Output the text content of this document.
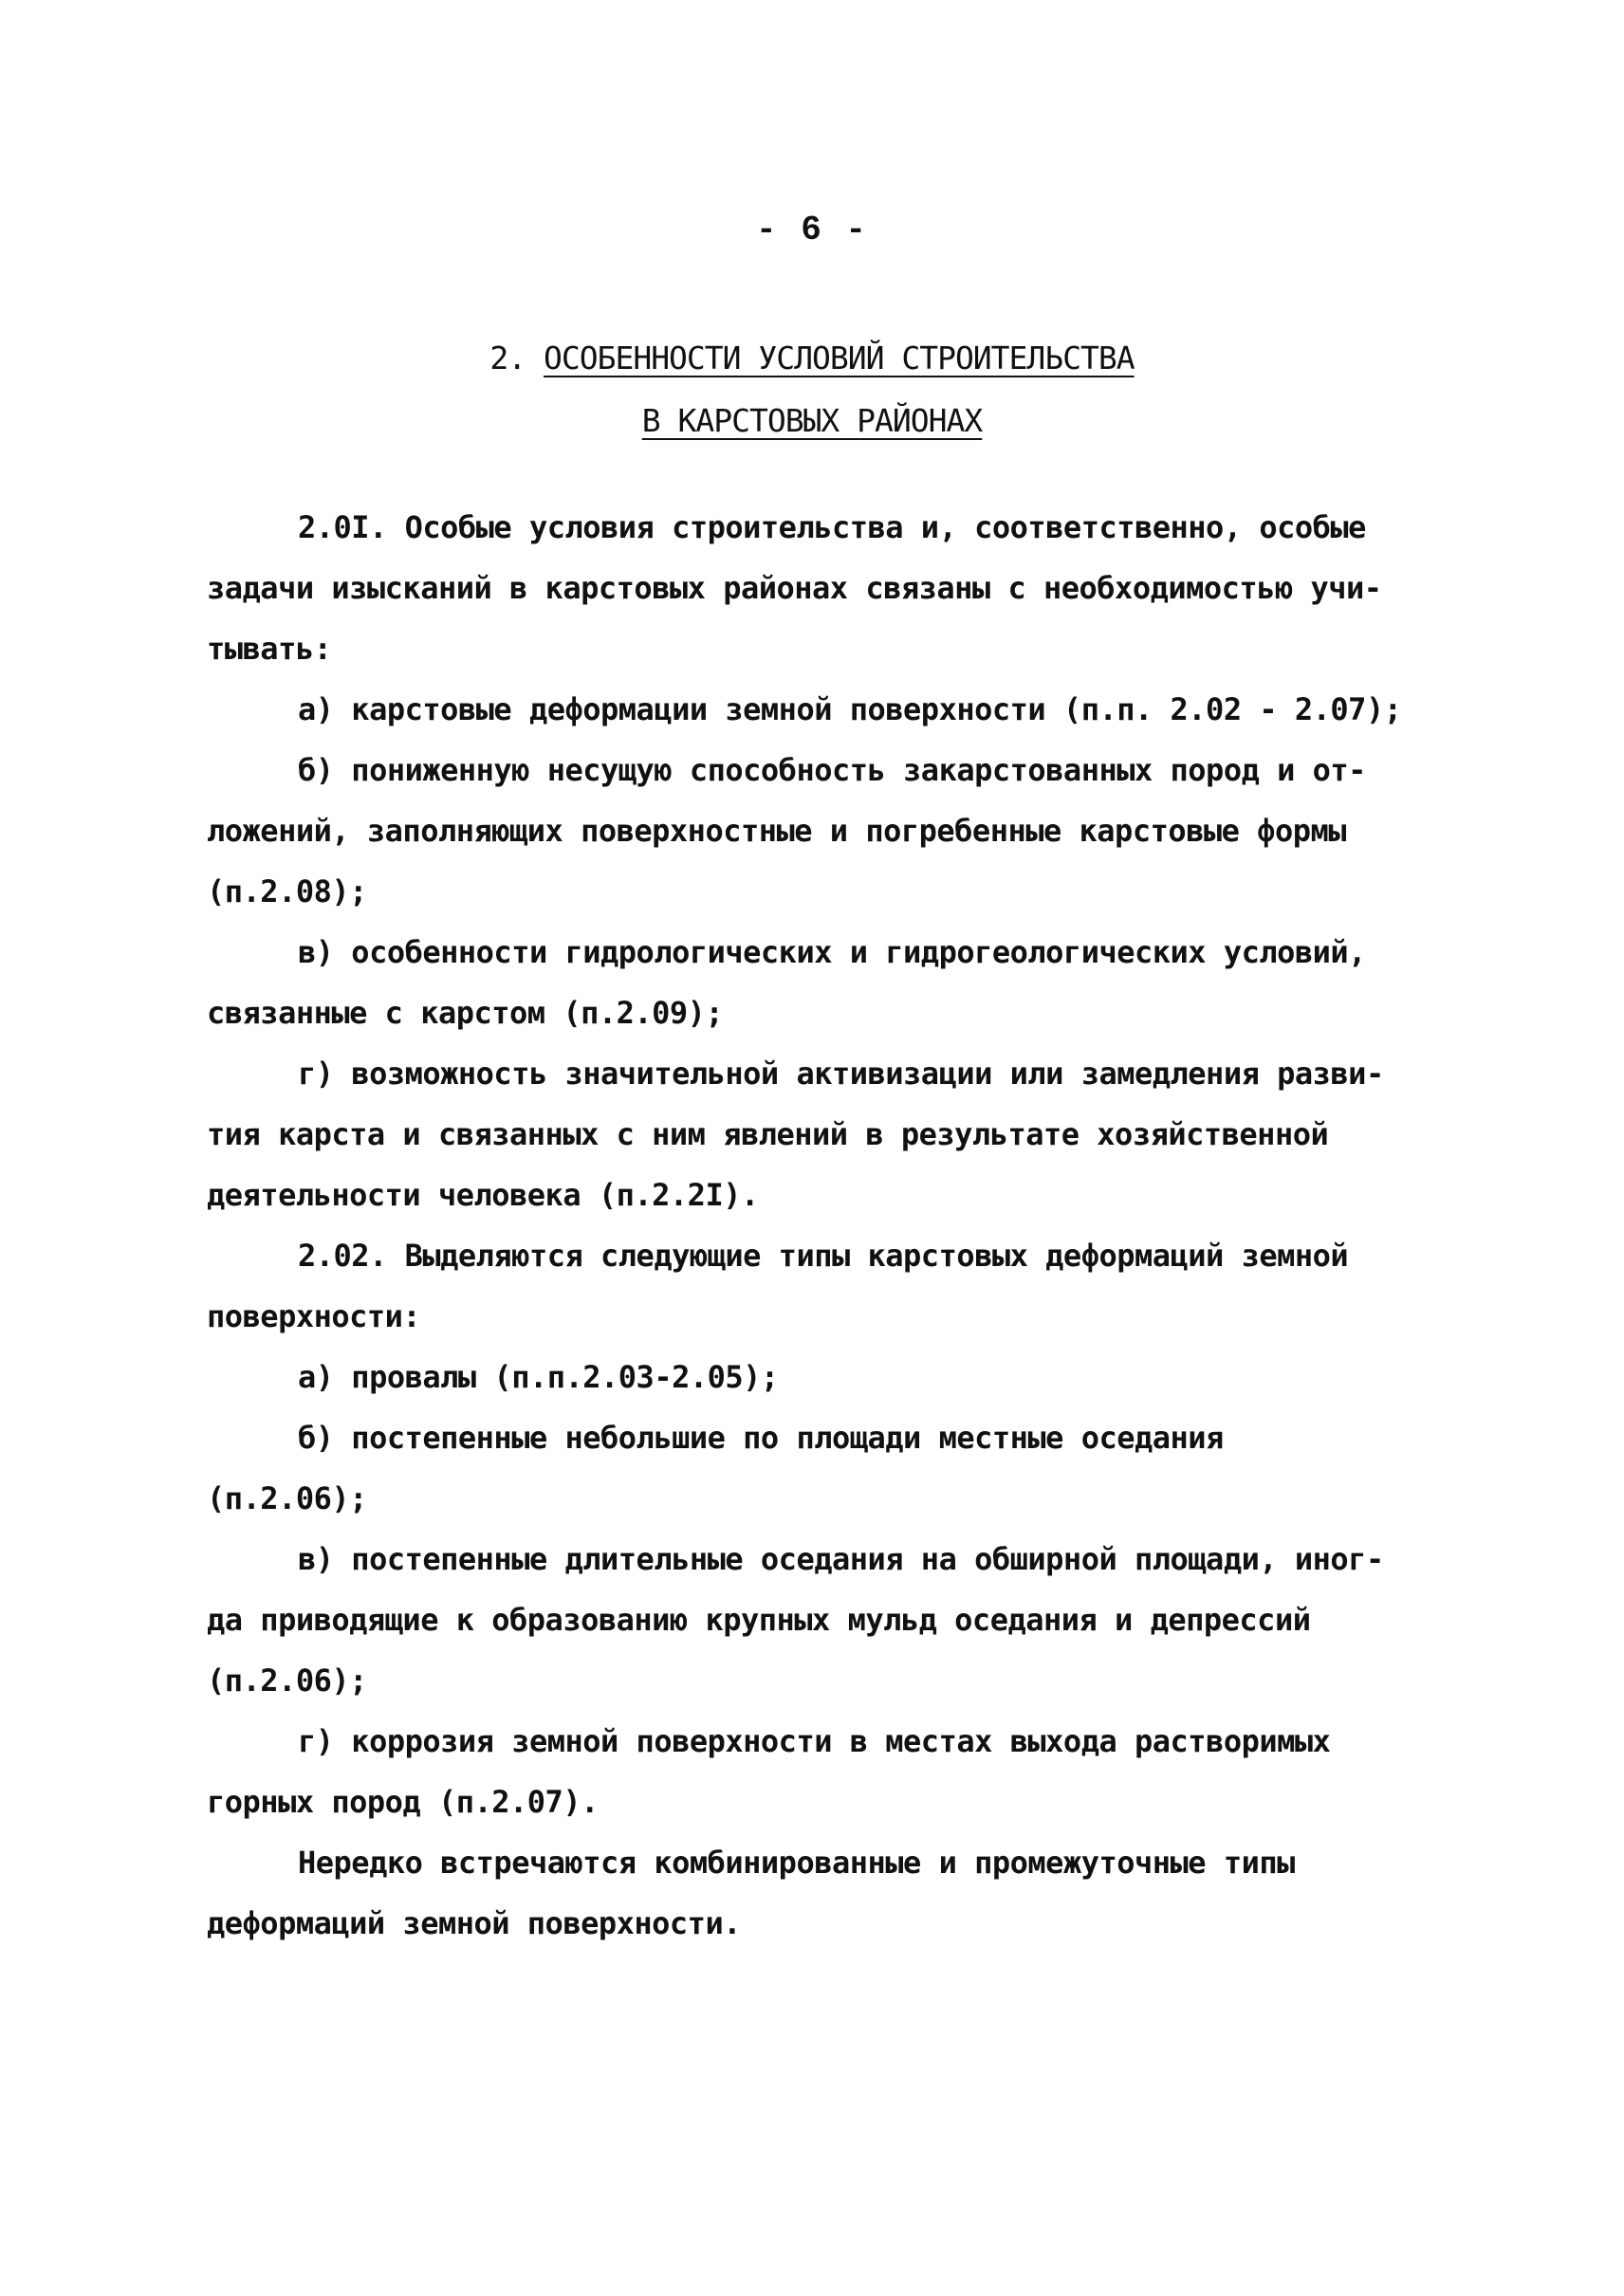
- 6 -
2. ОСОБЕННОСТИ УСЛОВИЙ СТРОИТЕЛЬСТВА
В КАРСТОВЫХ РАЙОНАХ
2.0I. Особые условия строительства и, соответственно, особые
задачи изысканий в карстовых районах связаны с необходимостью учи-
тывать:
а) карстовые деформации земной поверхности (п.п. 2.02 - 2.07);
б) пониженную несущую способность закарстованных пород и от-
ложений, заполняющих поверхностные и погребенные карстовые формы
(п.2.08);
в) особенности гидрологических и гидрогеологических условий,
связанные с карстом (п.2.09);
г) возможность значительной активизации или замедления разви-
тия карста и связанных с ним явлений в результате хозяйственной
деятельности человека (п.2.2I).
2.02. Выделяются следующие типы карстовых деформаций земной
поверхности:
а) провалы (п.п.2.03-2.05);
б) постепенные небольшие по площади местные оседания
(п.2.06);
в) постепенные длительные оседания на обширной площади, иног-
да приводящие к образованию крупных мульд оседания и депрессий
(п.2.06);
г) коррозия земной поверхности в местах выхода растворимых
горных пород (п.2.07).
Нередко встречаются комбинированные и промежуточные типы
деформаций земной поверхности.
